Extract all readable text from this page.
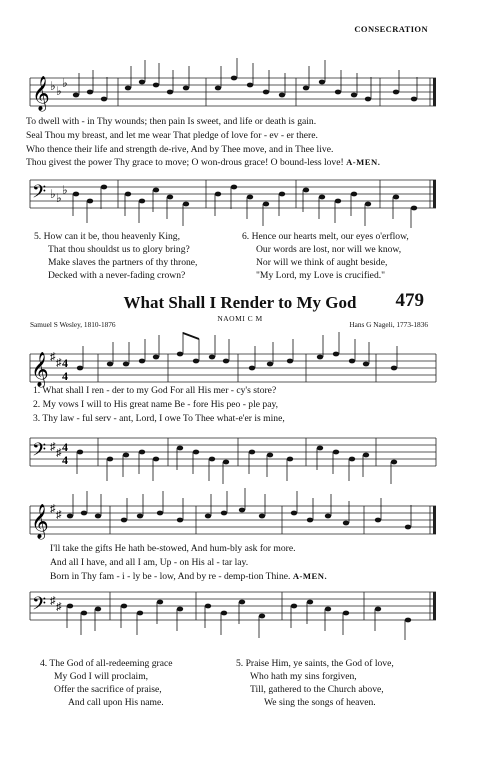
CONSECRATION
𝄞 ♭ ♭
♭
To dwell with - in Thy wounds; then pain Is sweet, and life or death is gain.
Seal Thou my breast, and let me wear That pledge of love for - ev - er there.
Who thence their life and strength de-rive, And by Thee move, and in Thee live.
Thou givest the power Thy grace to move; O won-drous grace! O bound-less love! A-MEN.
𝄢 ♭ ♭
♭
5. How can it be, thou heavenly King,
That thou shouldst us to glory bring?
Make slaves the partners of thy throne,
Decked with a never-fading crown?
6. Hence our hearts melt, our eyes o'erflow,
Our words are lost, nor will we know,
Nor will we think of aught beside,
"My Lord, my Love is crucified."
What Shall I Render to My God	479
NAOMI C M
Samuel S Wesley, 1810-1876	Hans G Nageli, 1773-1836
𝄞 ♯ ♯ 4
4
1. What shall I ren - der to my God For all His mer - cy's store?
2. My vows I will to His great name Be - fore His peo - ple pay,
3. Thy law - ful serv - ant, Lord, I owe To Thee what-e'er is mine,
𝄢 ♯ ♯ 4
4
𝄞 ♯ ♯
I'll take the gifts He hath be-stowed, And hum-bly ask for more.
And all I have, and all I am, Up - on His al - tar lay.
Born in Thy fam - i - ly be - low, And by re - demp-tion Thine. A-MEN.
𝄢 ♯ ♯
4. The God of all-redeeming grace
My God I will proclaim,
Offer the sacrifice of praise,
And call upon His name.
5. Praise Him, ye saints, the God of love,
Who hath my sins forgiven,
Till, gathered to the Church above,
We sing the songs of heaven.
